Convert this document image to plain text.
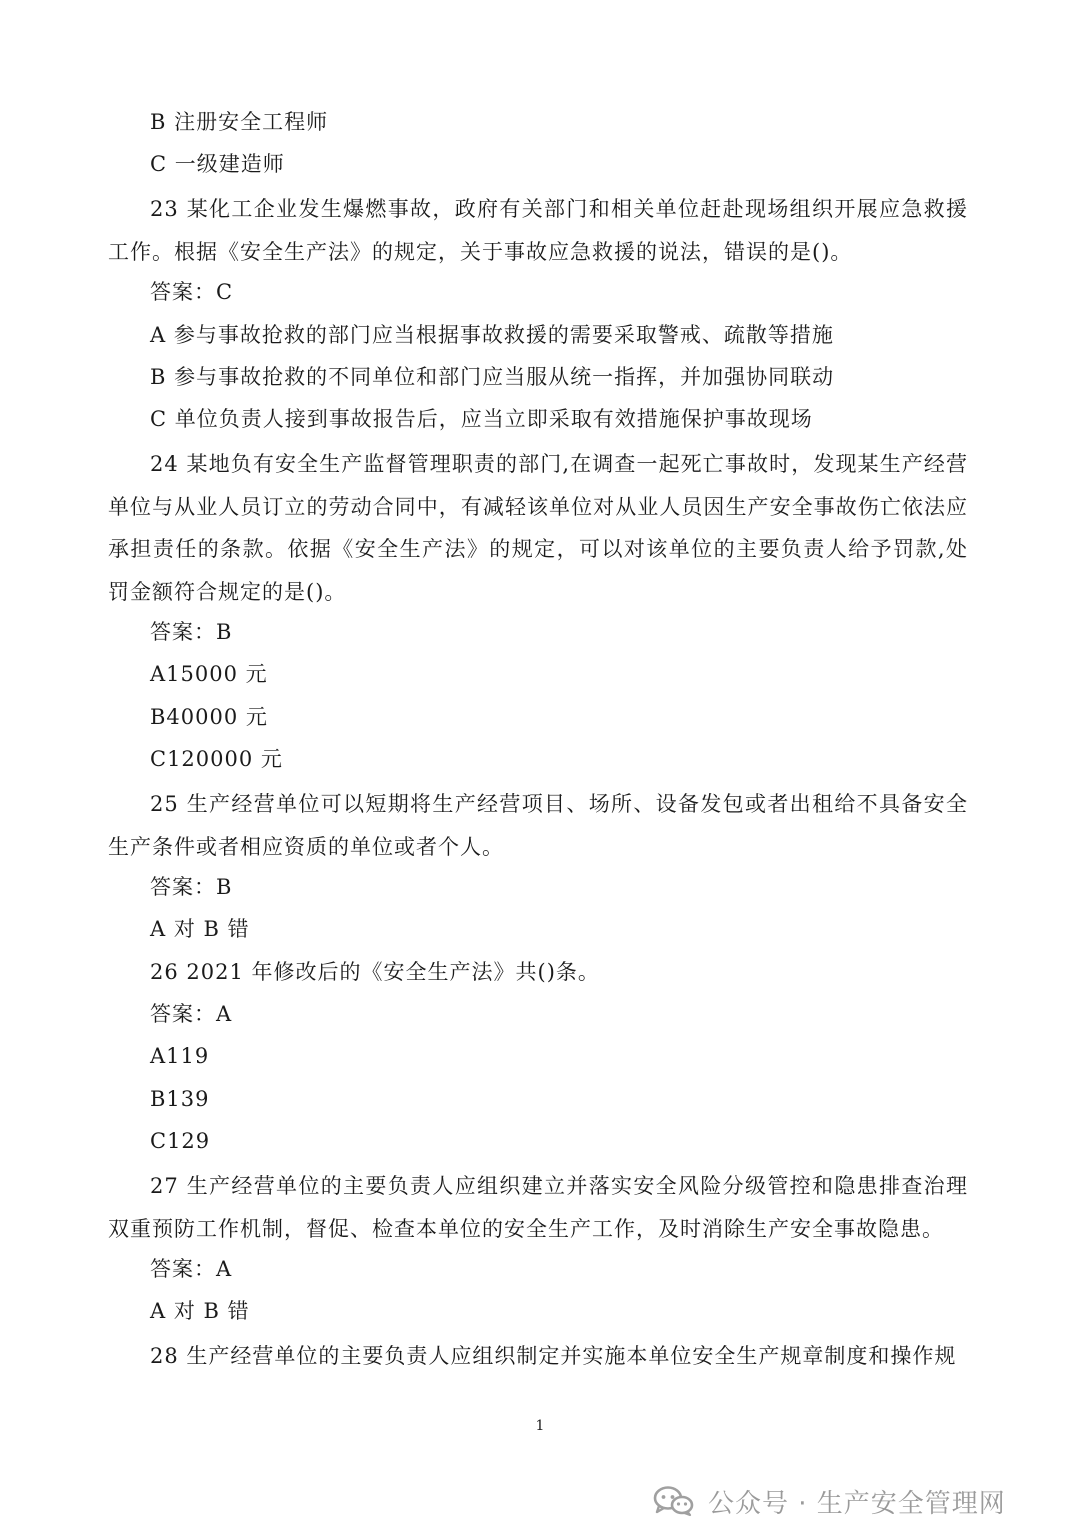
B 注册安全工程师
C 一级建造师
23 某化工企业发生爆燃事故，政府有关部门和相关单位赶赴现场组织开展应急救援工作。根据《安全生产法》的规定，关于事故应急救援的说法，错误的是()。
答案：C
A 参与事故抢救的部门应当根据事故救援的需要采取警戒、疏散等措施
B 参与事故抢救的不同单位和部门应当服从统一指挥，并加强协同联动
C 单位负责人接到事故报告后，应当立即采取有效措施保护事故现场
24 某地负有安全生产监督管理职责的部门,在调查一起死亡事故时，发现某生产经营单位与从业人员订立的劳动合同中，有减轻该单位对从业人员因生产安全事故伤亡依法应承担责任的条款。依据《安全生产法》的规定，可以对该单位的主要负责人给予罚款,处罚金额符合规定的是()。
答案：B
A15000 元
B40000 元
C120000 元
25 生产经营单位可以短期将生产经营项目、场所、设备发包或者出租给不具备安全生产条件或者相应资质的单位或者个人。
答案：B
A 对 B 错
26 2021 年修改后的《安全生产法》共()条。
答案：A
A119
B139
C129
27 生产经营单位的主要负责人应组织建立并落实安全风险分级管控和隐患排查治理双重预防工作机制，督促、检查本单位的安全生产工作，及时消除生产安全事故隐患。
答案：A
A 对 B 错
28 生产经营单位的主要负责人应组织制定并实施本单位安全生产规章制度和操作规
1
公众号 · 生产安全管理网
